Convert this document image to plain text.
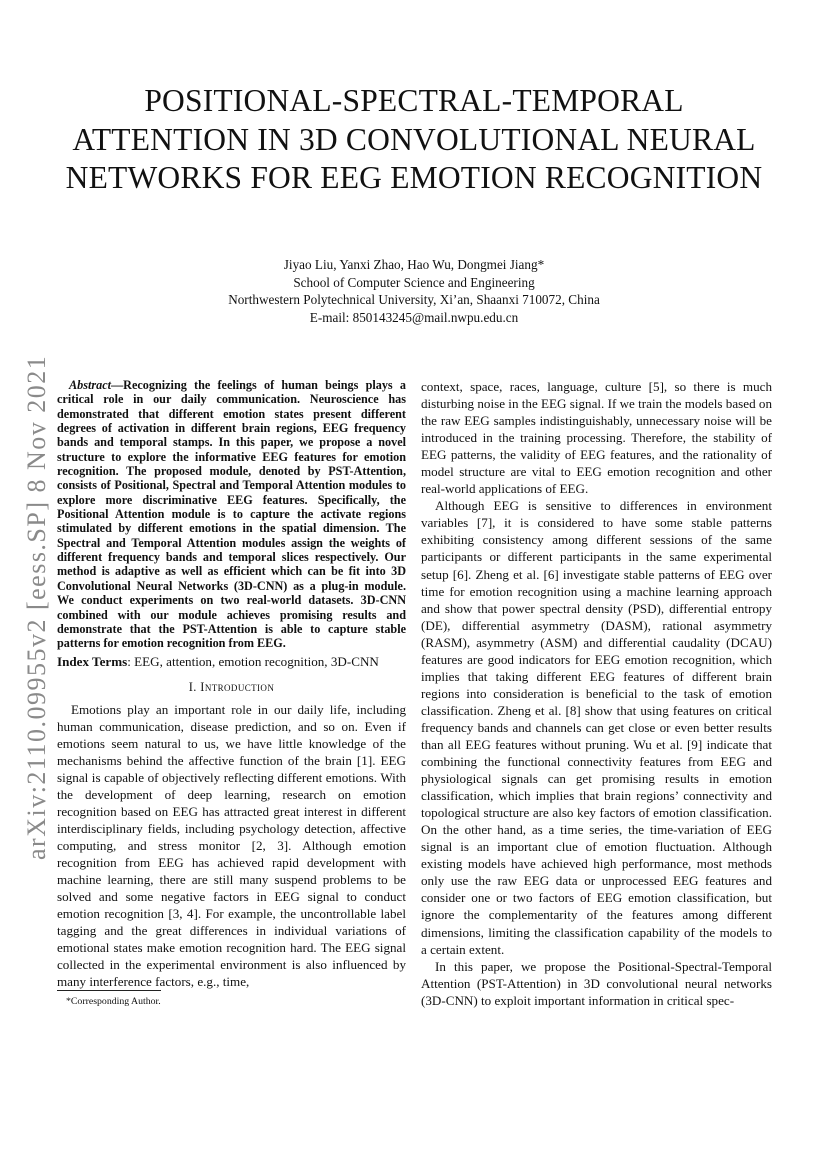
arXiv:2110.09955v2 [eess.SP] 8 Nov 2021
POSITIONAL-SPECTRAL-TEMPORAL ATTENTION IN 3D CONVOLUTIONAL NEURAL NETWORKS FOR EEG EMOTION RECOGNITION
Jiyao Liu, Yanxi Zhao, Hao Wu, Dongmei Jiang*
School of Computer Science and Engineering
Northwestern Polytechnical University, Xi’an, Shaanxi 710072, China
E-mail: 850143245@mail.nwpu.edu.cn

Abstract—Recognizing the feelings of human beings plays a critical role in our daily communication. Neuroscience has demonstrated that different emotion states present different degrees of activation in different brain regions, EEG frequency bands and temporal stamps. In this paper, we propose a novel structure to explore the informative EEG features for emotion recognition. The proposed module, denoted by PST-Attention, consists of Positional, Spectral and Temporal Attention modules to explore more discriminative EEG features. Specifically, the Positional Attention module is to capture the activate regions stimulated by different emotions in the spatial dimension. The Spectral and Temporal Attention modules assign the weights of different frequency bands and temporal slices respectively. Our method is adaptive as well as efficient which can be fit into 3D Convolutional Neural Networks (3D-CNN) as a plug-in module. We conduct experiments on two real-world datasets. 3D-CNN combined with our module achieves promising results and demonstrate that the PST-Attention is able to capture stable patterns for emotion recognition from EEG.

Index Terms: EEG, attention, emotion recognition, 3D-CNN

I. Introduction

Emotions play an important role in our daily life, including human communication, disease prediction, and so on. Even if emotions seem natural to us, we have little knowledge of the mechanisms behind the affective function of the brain [1]. EEG signal is capable of objectively reflecting different emotions. With the development of deep learning, research on emotion recognition based on EEG has attracted great interest in different interdisciplinary fields, including psychology detection, affective computing, and stress monitor [2, 3]. Although emotion recognition from EEG has achieved rapid development with machine learning, there are still many suspend problems to be solved and some negative factors in EEG signal to conduct emotion recognition [3, 4]. For example, the uncontrollable label tagging and the great differences in individual variations of emotional states make emotion recognition hard. The EEG signal collected in the experimental environment is also influenced by many interference factors, e.g., time,

context, space, races, language, culture [5], so there is much disturbing noise in the EEG signal. If we train the models based on the raw EEG samples indistinguishably, unnecessary noise will be introduced in the training processing. Therefore, the stability of EEG patterns, the validity of EEG features, and the rationality of model structure are vital to EEG emotion recognition and other real-world applications of EEG.

Although EEG is sensitive to differences in environment variables [7], it is considered to have some stable patterns exhibiting consistency among different sessions of the same participants or different participants in the same experimental setup [6]. Zheng et al. [6] investigate stable patterns of EEG over time for emotion recognition using a machine learning approach and show that power spectral density (PSD), differential entropy (DE), differential asymmetry (DASM), rational asymmetry (RASM), asymmetry (ASM) and differential caudality (DCAU) features are good indicators for EEG emotion recognition, which implies that taking different EEG features of different brain regions into consideration is beneficial to the task of emotion classification. Zheng et al. [8] show that using features on critical frequency bands and channels can get close or even better results than all EEG features without pruning. Wu et al. [9] indicate that combining the functional connectivity features from EEG and physiological signals can get promising results in emotion classification, which implies that brain regions’ connectivity and topological structure are also key factors of emotion classification. On the other hand, as a time series, the time-variation of EEG signal is an important clue of emotion fluctuation. Although existing models have achieved high performance, most methods only use the raw EEG data or unprocessed EEG features and consider one or two factors of EEG emotion classification, but ignore the complementarity of the features among different dimensions, limiting the classification capability of the models to a certain extent.

In this paper, we propose the Positional-Spectral-Temporal Attention (PST-Attention) in 3D convolutional neural networks (3D-CNN) to exploit important information in critical spec-

*Corresponding Author.
